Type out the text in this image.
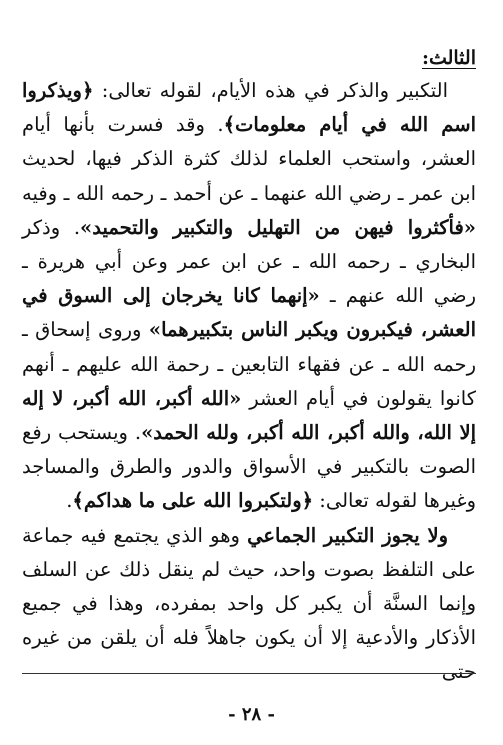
الثالث:

التكبير والذكر في هذه الأيام، لقوله تعالى: ﴿ويذكروا اسم الله في أيام معلومات﴾. وقد فسرت بأنها أيام العشر، واستحب العلماء لذلك كثرة الذكر فيها، لحديث ابن عمر ـ رضي الله عنهما ـ عن أحمد ـ رحمه الله ـ وفيه «فأكثروا فيهن من التهليل والتكبير والتحميد». وذكر البخاري ـ رحمه الله ـ عن ابن عمر وعن أبي هريرة ـ رضي الله عنهم ـ «إنهما كانا يخرجان إلى السوق في العشر، فيكبرون ويكبر الناس بتكبيرهما» وروى إسحاق ـ رحمه الله ـ عن فقهاء التابعين ـ رحمة الله عليهم ـ أنهم كانوا يقولون في أيام العشر «الله أكبر، الله أكبر، لا إله إلا الله، والله أكبر، الله أكبر، ولله الحمد». ويستحب رفع الصوت بالتكبير في الأسواق والدور والطرق والمساجد وغيرها لقوله تعالى: ﴿ولتكبروا الله على ما هداكم﴾.

ولا يجوز التكبير الجماعي وهو الذي يجتمع فيه جماعة على التلفظ بصوت واحد، حيث لم ينقل ذلك عن السلف وإنما السنَّة أن يكبر كل واحد بمفرده، وهذا في جميع الأذكار والأدعية إلا أن يكون جاهلاً فله أن يلقن من غيره حتى

- ٢٨ -
